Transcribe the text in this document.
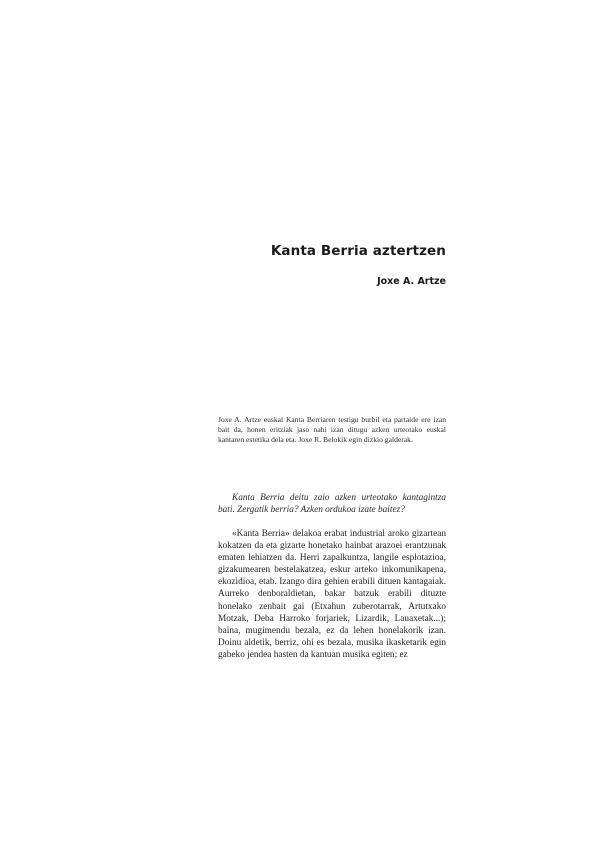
Kanta Berria aztertzen

Joxe A. Artze

Joxe A. Artze euskal Kanta Berriaren testigu burbil eta partaide ere izan bait da, honen eritziak jaso nahi izan ditugu azken urteotako euskal kantaren estetika dela eta. Joxe R. Belokik egin dizkio galderak.

Kanta Berria deitu zaio azken urteotako kantagintza bati. Zergatik berria? Azken ordukoa izate baitez?

«Kanta Berria» delakoa erabat industrial aroko gizartean kokatzen da eta gizarte honetako hainbat arazoei erantzunak ematen lehiatzen da. Herri zapalkuntza, langile esplotazioa, gizakumearen bestelakatzea, eskur arteko inkomunikapena, ekozidioa, etab. Izango dira gehien erabili dituen kantagaiak. Aurreko denboraldietan, bakar batzuk erabili dituzte honelako zenbait gai (Etxahun zuberotarrak, Artutxako Motzak, Deba Harroko forjariek, Lizardik, Lauaxetak...); baina, mugimendu bezala, ez da lehen honelakorik izan. Doinu aldetik, berriz, ohi es bezala, musika ikasketarik egin gabeko jendea hasten da kantuan musika egiten; ez
